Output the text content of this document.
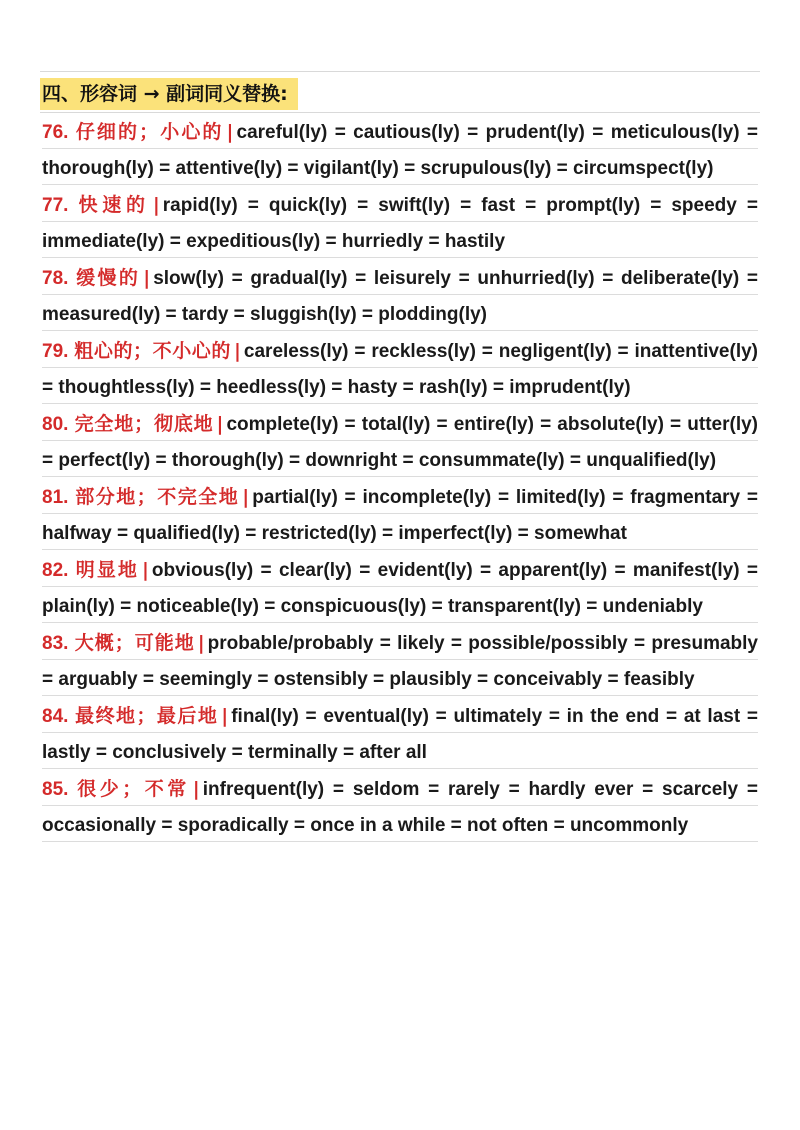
四、形容词 → 副词同义替换:

76. 仔细的；小心的 | careful(ly) = cautious(ly) = prudent(ly) = meticulous(ly) = thorough(ly) = attentive(ly) = vigilant(ly) = scrupulous(ly) = circumspect(ly)

77. 快速的 | rapid(ly) = quick(ly) = swift(ly) = fast = prompt(ly) = speedy = immediate(ly) = expeditious(ly) = hurriedly = hastily

78. 缓慢的 | slow(ly) = gradual(ly) = leisurely = unhurried(ly) = deliberate(ly) = measured(ly) = tardy = sluggish(ly) = plodding(ly)

79. 粗心的；不小心的 | careless(ly) = reckless(ly) = negligent(ly) = inattentive(ly) = thoughtless(ly) = heedless(ly) = hasty = rash(ly) = imprudent(ly)

80. 完全地；彻底地 | complete(ly) = total(ly) = entire(ly) = absolute(ly) = utter(ly) = perfect(ly) = thorough(ly) = downright = consummate(ly) = unqualified(ly)

81. 部分地；不完全地 | partial(ly) = incomplete(ly) = limited(ly) = fragmentary = halfway = qualified(ly) = restricted(ly) = imperfect(ly) = somewhat

82. 明显地 | obvious(ly) = clear(ly) = evident(ly) = apparent(ly) = manifest(ly) = plain(ly) = noticeable(ly) = conspicuous(ly) = transparent(ly) = undeniably

83. 大概；可能地 | probable/probably = likely = possible/possibly = presumably = arguably = seemingly = ostensibly = plausibly = conceivably = feasibly

84. 最终地；最后地 | final(ly) = eventual(ly) = ultimately = in the end = at last = lastly = conclusively = terminally = after all

85. 很少；不常 | infrequent(ly) = seldom = rarely = hardly ever = scarcely = occasionally = sporadically = once in a while = not often = uncommonly
